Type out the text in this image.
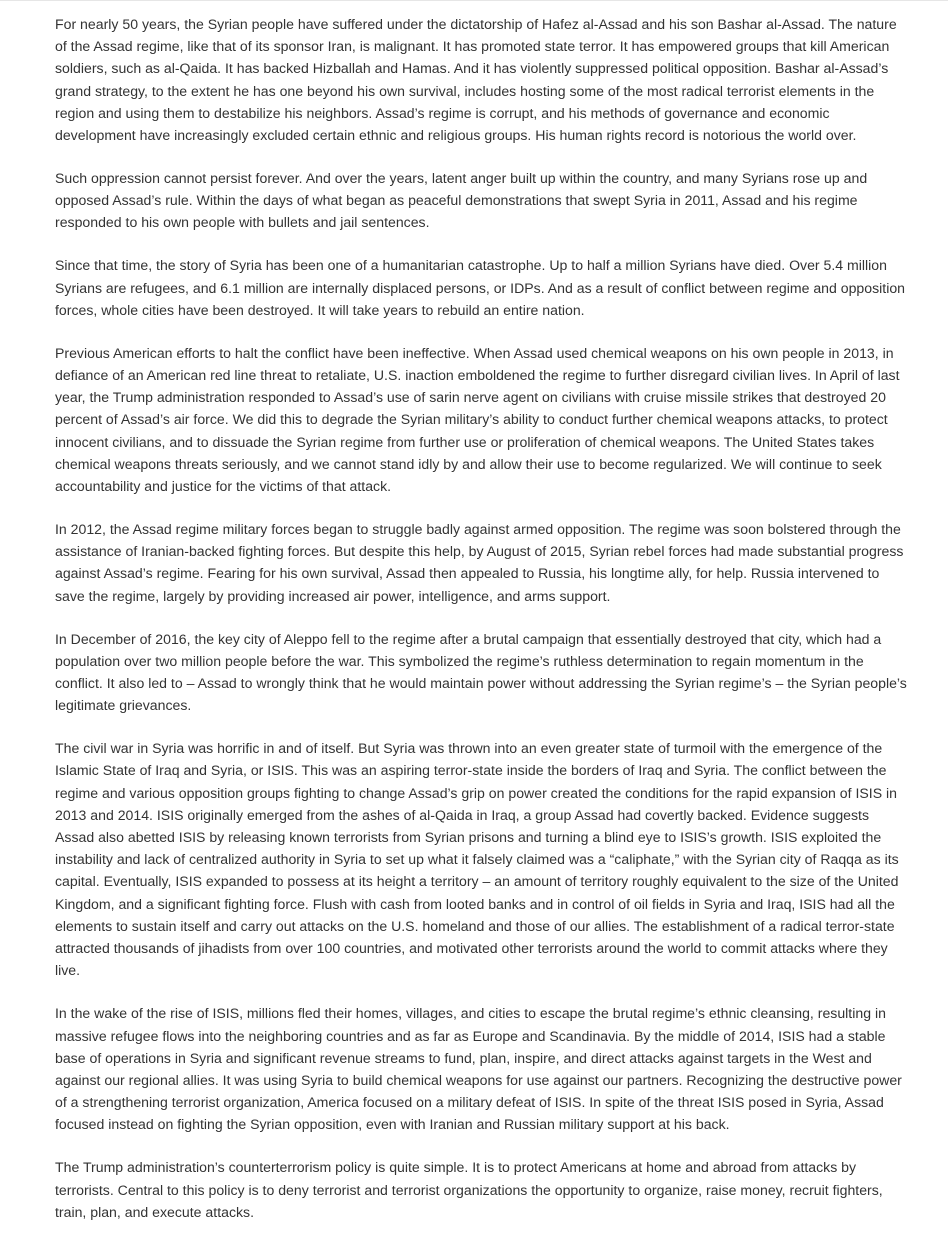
For nearly 50 years, the Syrian people have suffered under the dictatorship of Hafez al-Assad and his son Bashar al-Assad. The nature of the Assad regime, like that of its sponsor Iran, is malignant. It has promoted state terror. It has empowered groups that kill American soldiers, such as al-Qaida. It has backed Hizballah and Hamas. And it has violently suppressed political opposition. Bashar al-Assad’s grand strategy, to the extent he has one beyond his own survival, includes hosting some of the most radical terrorist elements in the region and using them to destabilize his neighbors. Assad’s regime is corrupt, and his methods of governance and economic development have increasingly excluded certain ethnic and religious groups. His human rights record is notorious the world over.

Such oppression cannot persist forever. And over the years, latent anger built up within the country, and many Syrians rose up and opposed Assad’s rule. Within the days of what began as peaceful demonstrations that swept Syria in 2011, Assad and his regime responded to his own people with bullets and jail sentences.

Since that time, the story of Syria has been one of a humanitarian catastrophe. Up to half a million Syrians have died. Over 5.4 million Syrians are refugees, and 6.1 million are internally displaced persons, or IDPs. And as a result of conflict between regime and opposition forces, whole cities have been destroyed. It will take years to rebuild an entire nation.

Previous American efforts to halt the conflict have been ineffective. When Assad used chemical weapons on his own people in 2013, in defiance of an American red line threat to retaliate, U.S. inaction emboldened the regime to further disregard civilian lives. In April of last year, the Trump administration responded to Assad’s use of sarin nerve agent on civilians with cruise missile strikes that destroyed 20 percent of Assad’s air force. We did this to degrade the Syrian military’s ability to conduct further chemical weapons attacks, to protect innocent civilians, and to dissuade the Syrian regime from further use or proliferation of chemical weapons. The United States takes chemical weapons threats seriously, and we cannot stand idly by and allow their use to become regularized. We will continue to seek accountability and justice for the victims of that attack.

In 2012, the Assad regime military forces began to struggle badly against armed opposition. The regime was soon bolstered through the assistance of Iranian-backed fighting forces. But despite this help, by August of 2015, Syrian rebel forces had made substantial progress against Assad’s regime. Fearing for his own survival, Assad then appealed to Russia, his longtime ally, for help. Russia intervened to save the regime, largely by providing increased air power, intelligence, and arms support.

In December of 2016, the key city of Aleppo fell to the regime after a brutal campaign that essentially destroyed that city, which had a population over two million people before the war. This symbolized the regime’s ruthless determination to regain momentum in the conflict. It also led to – Assad to wrongly think that he would maintain power without addressing the Syrian regime’s – the Syrian people’s legitimate grievances.

The civil war in Syria was horrific in and of itself. But Syria was thrown into an even greater state of turmoil with the emergence of the Islamic State of Iraq and Syria, or ISIS. This was an aspiring terror-state inside the borders of Iraq and Syria. The conflict between the regime and various opposition groups fighting to change Assad’s grip on power created the conditions for the rapid expansion of ISIS in 2013 and 2014. ISIS originally emerged from the ashes of al-Qaida in Iraq, a group Assad had covertly backed. Evidence suggests Assad also abetted ISIS by releasing known terrorists from Syrian prisons and turning a blind eye to ISIS’s growth. ISIS exploited the instability and lack of centralized authority in Syria to set up what it falsely claimed was a “caliphate,” with the Syrian city of Raqqa as its capital. Eventually, ISIS expanded to possess at its height a territory – an amount of territory roughly equivalent to the size of the United Kingdom, and a significant fighting force. Flush with cash from looted banks and in control of oil fields in Syria and Iraq, ISIS had all the elements to sustain itself and carry out attacks on the U.S. homeland and those of our allies. The establishment of a radical terror-state attracted thousands of jihadists from over 100 countries, and motivated other terrorists around the world to commit attacks where they live.

In the wake of the rise of ISIS, millions fled their homes, villages, and cities to escape the brutal regime’s ethnic cleansing, resulting in massive refugee flows into the neighboring countries and as far as Europe and Scandinavia. By the middle of 2014, ISIS had a stable base of operations in Syria and significant revenue streams to fund, plan, inspire, and direct attacks against targets in the West and against our regional allies. It was using Syria to build chemical weapons for use against our partners. Recognizing the destructive power of a strengthening terrorist organization, America focused on a military defeat of ISIS. In spite of the threat ISIS posed in Syria, Assad focused instead on fighting the Syrian opposition, even with Iranian and Russian military support at his back.

The Trump administration’s counterterrorism policy is quite simple. It is to protect Americans at home and abroad from attacks by terrorists. Central to this policy is to deny terrorist and terrorist organizations the opportunity to organize, raise money, recruit fighters, train, plan, and execute attacks.
